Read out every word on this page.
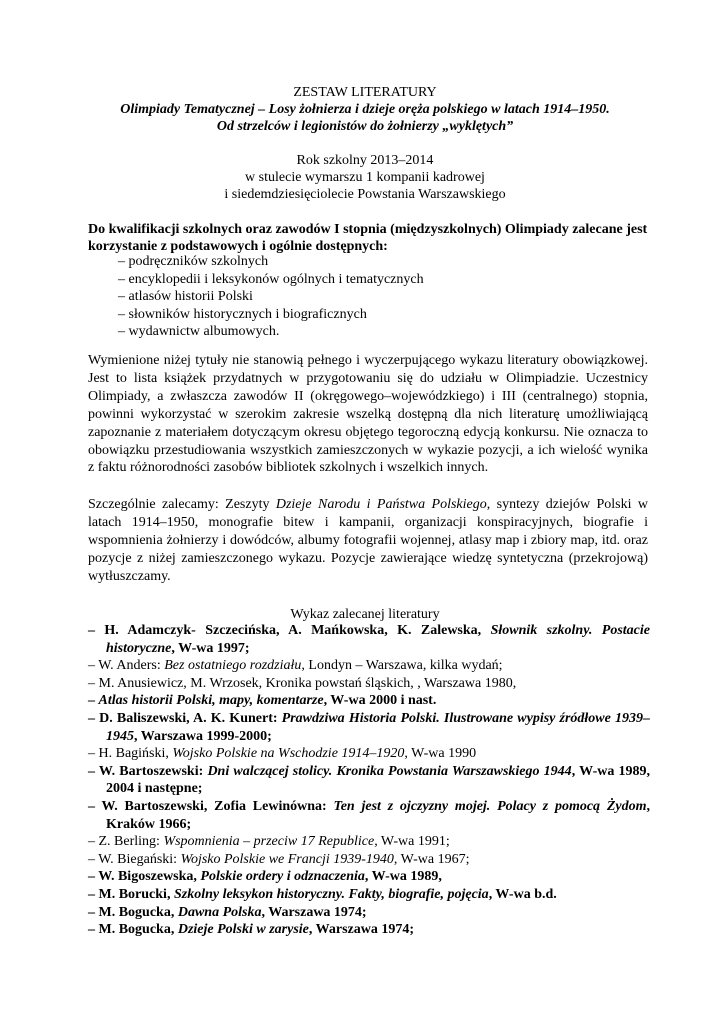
ZESTAW LITERATURY
Olimpiady Tematycznej – Losy żołnierza i dzieje oręża polskiego w latach 1914–1950.
Od strzelców i legionistów do żołnierzy „wyklętych”
Rok szkolny 2013–2014
w stulecie wymarszu 1 kompanii kadrowej
i siedemdziesięciolecie Powstania Warszawskiego

Do kwalifikacji szkolnych oraz zawodów I stopnia (międzyszkolnych) Olimpiady zalecane jest korzystanie z podstawowych i ogólnie dostępnych:

– podręczników szkolnych
– encyklopedii i leksykonów ogólnych i tematycznych
– atlasów historii Polski
– słowników historycznych i biograficznych
– wydawnictw albumowych.

Wymienione niżej tytuły nie stanowią pełnego i wyczerpującego wykazu literatury obowiązkowej. Jest to lista książek przydatnych w przygotowaniu się do udziału w Olimpiadzie. Uczestnicy Olimpiady, a zwłaszcza zawodów II (okręgowego–wojewódzkiego) i III (centralnego) stopnia, powinni wykorzystać w szerokim zakresie wszelką dostępną dla nich literaturę umożliwiającą zapoznanie z materiałem dotyczącym okresu objętego tegoroczną edycją konkursu. Nie oznacza to obowiązku przestudiowania wszystkich zamieszczonych w wykazie pozycji, a ich wielość wynika z faktu różnorodności zasobów bibliotek szkolnych i wszelkich innych.

Szczególnie zalecamy: Zeszyty Dzieje Narodu i Państwa Polskiego, syntezy dziejów Polski w latach 1914–1950, monografie bitew i kampanii, organizacji konspiracyjnych, biografie i wspomnienia żołnierzy i dowódców, albumy fotografii wojennej, atlasy map i zbiory map, itd. oraz pozycje z niżej zamieszczonego wykazu. Pozycje zawierające wiedzę syntetyczna (przekrojową) wytłuszczamy.

Wykaz zalecanej literatury
– H. Adamczyk- Szczecińska, A. Mańkowska, K. Zalewska, Słownik szkolny. Postacie historyczne, W-wa 1997;
– W. Anders: Bez ostatniego rozdziału, Londyn – Warszawa, kilka wydań;
– M. Anusiewicz, M. Wrzosek, Kronika powstań śląskich, , Warszawa 1980,
– Atlas historii Polski, mapy, komentarze, W-wa 2000 i nast.
– D. Baliszewski, A. K. Kunert: Prawdziwa Historia Polski. Ilustrowane wypisy źródłowe 1939–1945, Warszawa 1999-2000;
– H. Bagiński, Wojsko Polskie na Wschodzie 1914–1920, W-wa 1990
– W. Bartoszewski: Dni walczącej stolicy. Kronika Powstania Warszawskiego 1944, W-wa 1989, 2004 i następne;
– W. Bartoszewski, Zofia Lewinówna: Ten jest z ojczyzny mojej. Polacy z pomocą Żydom, Kraków 1966;
– Z. Berling: Wspomnienia – przeciw 17 Republice, W-wa 1991;
– W. Biegański: Wojsko Polskie we Francji 1939-1940, W-wa 1967;
– W. Bigoszewska, Polskie ordery i odznaczenia, W-wa 1989,
– M. Borucki, Szkolny leksykon historyczny. Fakty, biografie, pojęcia, W-wa b.d.
– M. Bogucka, Dawna Polska, Warszawa 1974;
– M. Bogucka, Dzieje Polski w zarysie, Warszawa 1974;
